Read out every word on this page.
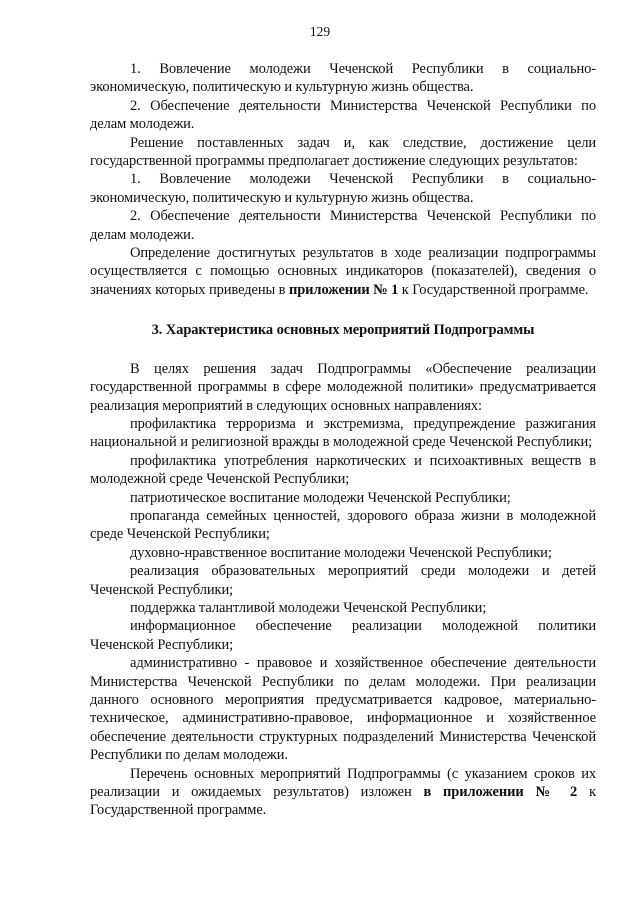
129

1. Вовлечение молодежи Чеченской Республики в социально-экономическую, политическую и культурную жизнь общества.

2. Обеспечение деятельности Министерства Чеченской Республики по делам молодежи.

Решение поставленных задач и, как следствие, достижение цели государственной программы предполагает достижение следующих результатов:

1. Вовлечение молодежи Чеченской Республики в социально-экономическую, политическую и культурную жизнь общества.

2. Обеспечение деятельности Министерства Чеченской Республики по делам молодежи.

Определение достигнутых результатов в ходе реализации подпрограммы осуществляется с помощью основных индикаторов (показателей), сведения о значениях которых приведены в приложении № 1 к Государственной программе.

3. Характеристика основных мероприятий Подпрограммы

В целях решения задач Подпрограммы «Обеспечение реализации государственной программы в сфере молодежной политики» предусматривается реализация мероприятий в следующих основных направлениях:

профилактика терроризма и экстремизма, предупреждение разжигания национальной и религиозной вражды в молодежной среде Чеченской Республики;

профилактика употребления наркотических и психоактивных веществ в молодежной среде Чеченской Республики;

патриотическое воспитание молодежи Чеченской Республики;

пропаганда семейных ценностей, здорового образа жизни в молодежной среде Чеченской Республики;

духовно-нравственное воспитание молодежи Чеченской Республики;

реализация образовательных мероприятий среди молодежи и детей Чеченской Республики;

поддержка талантливой молодежи Чеченской Республики;

информационное обеспечение реализации молодежной политики Чеченской Республики;

административно - правовое и хозяйственное обеспечение деятельности Министерства Чеченской Республики по делам молодежи. При реализации данного основного мероприятия предусматривается кадровое, материально-техническое, административно-правовое, информационное и хозяйственное обеспечение деятельности структурных подразделений Министерства Чеченской Республики по делам молодежи.

Перечень основных мероприятий Подпрограммы (с указанием сроков их реализации и ожидаемых результатов) изложен в приложении № 2 к Государственной программе.
